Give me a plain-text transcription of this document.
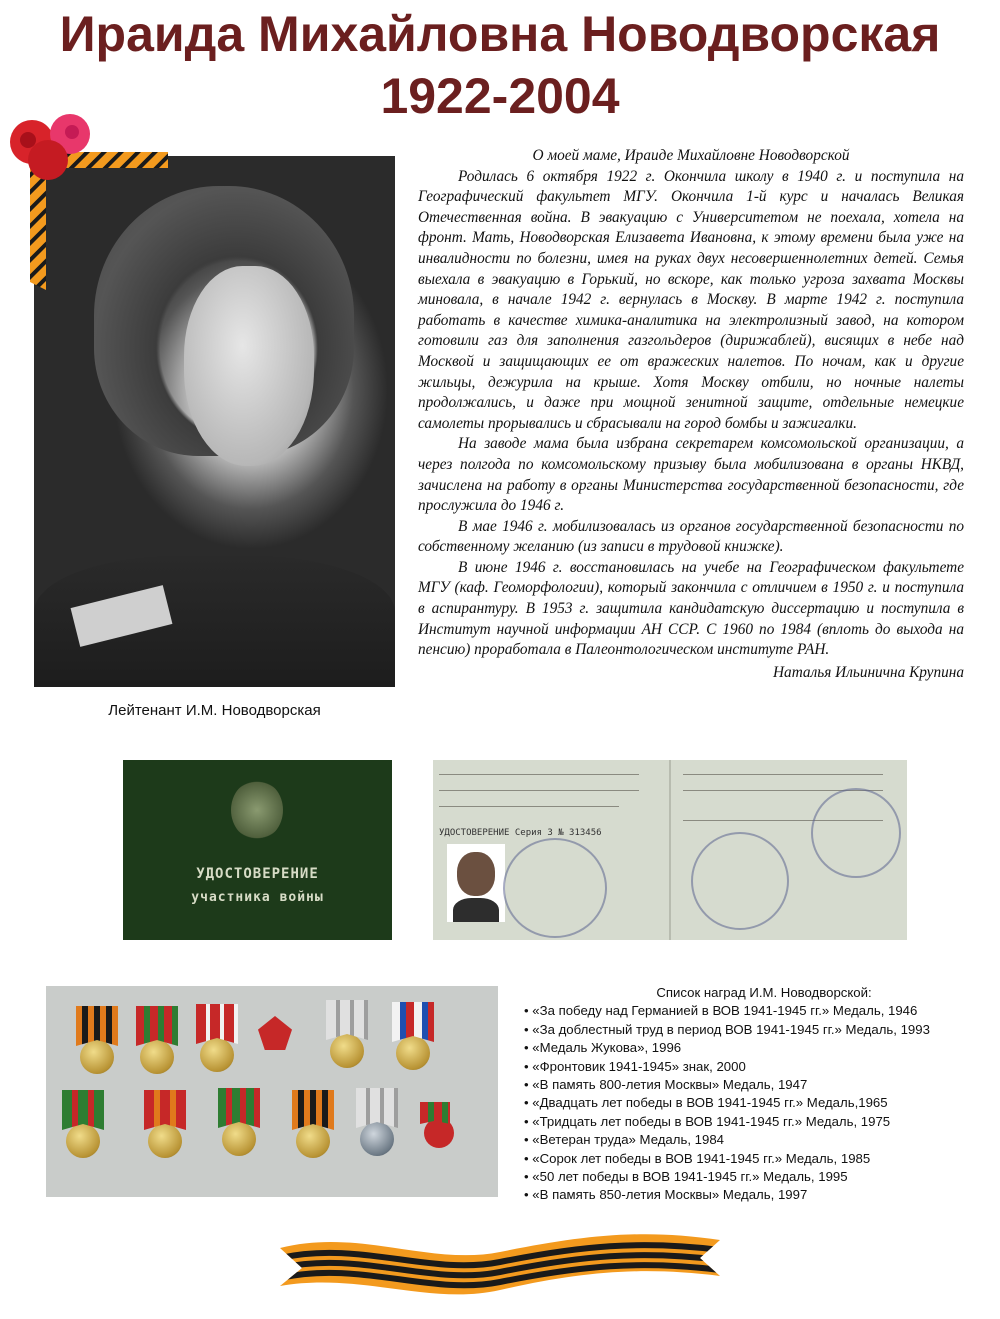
Ираида Михайловна Новодворская
1922-2004
Лейтенант И.М. Новодворская
О моей маме, Ираиде Михайловне Новодворской

Родилась 6 октября 1922 г. Окончила школу в 1940 г. и поступила на Географический факультет МГУ. Окончила 1-й курс и началась Великая Отечественная война. В эвакуацию с Университетом не поехала, хотела на фронт. Мать, Новодворская Елизавета Ивановна, к этому времени была уже на инвалидности по болезни, имея на руках двух несовершеннолетних детей. Семья выехала в эвакуацию в Горький, но вскоре, как только угроза захвата Москвы миновала, в начале 1942 г. вернулась в Москву. В марте 1942 г. поступила работать в качестве химика-аналитика на электролизный завод, на котором готовили газ для заполнения газгольдеров (дирижаблей), висящих в небе над Москвой и защищающих ее от вражеских налетов. По ночам, как и другие жильцы, дежурила на крыше. Хотя Москву отбили, но ночные налеты продолжались, и даже при мощной зенитной защите, отдельные немецкие самолеты прорывались и сбрасывали на город бомбы и зажигалки.

На заводе мама была избрана секретарем комсомольской организации, а через полгода по комсомольскому призыву была мобилизована в органы НКВД, зачислена на работу в органы Министерства государственной безопасности, где прослужила до 1946 г.

В мае 1946 г. мобилизовалась из органов государственной безопасности по собственному желанию (из записи в трудовой книжке).

В июне 1946 г. восстановилась на учебе на Географическом факультете МГУ (каф. Геоморфологии), который закончила с отличием в 1950 г. и поступила в аспирантуру. В 1953 г. защитила кандидатскую диссертацию и поступила в Институт научной информации АН ССР. С 1960 по 1984 (вплоть до выхода на пенсию) проработала в Палеонтологическом институте РАН.

Наталья Ильинична Крупина

УДОСТОВЕРЕНИЕ
участника войны
УДОСТОВЕРЕНИЕ Серия З № 313456
Список наград И.М. Новодворской:
• «За победу над Германией в ВОВ 1941-1945 гг.» Медаль, 1946
• «За доблестный труд в период ВОВ 1941-1945 гг.» Медаль, 1993
• «Медаль Жукова», 1996
• «Фронтовик 1941-1945» знак, 2000
• «В память 800-летия Москвы» Медаль, 1947
• «Двадцать лет победы в ВОВ 1941-1945 гг.» Медаль,1965
• «Тридцать лет победы в ВОВ 1941-1945 гг.» Медаль, 1975
• «Ветеран труда» Медаль, 1984
• «Сорок лет победы в ВОВ 1941-1945 гг.» Медаль, 1985
• «50 лет победы в ВОВ 1941-1945 гг.» Медаль, 1995
• «В память 850-летия Москвы» Медаль, 1997
